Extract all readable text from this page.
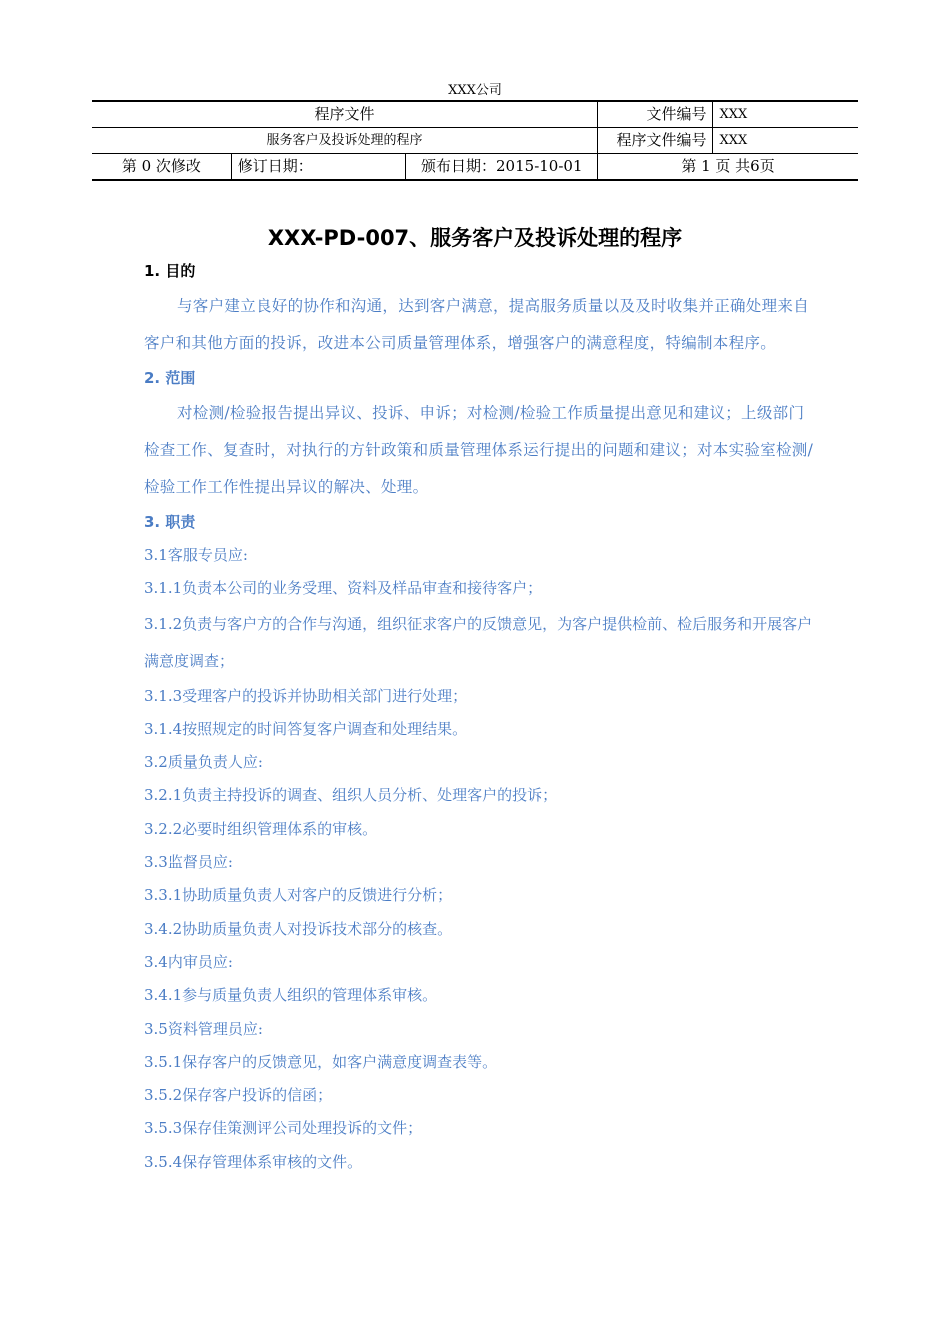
XXX公司
程序文件			文件编号	XXX
服务客户及投诉处理的程序			程序文件编号	XXX
第 0 次修改	修订日期：	颁布日期：2015-10-01	第 1 页 共6页	
XXX-PD-007、服务客户及投诉处理的程序
1. 目的
与客户建立良好的协作和沟通，达到客户满意，提高服务质量以及及时收集并正确处理来自客户和其他方面的投诉，改进本公司质量管理体系，增强客户的满意程度，特编制本程序。
2. 范围
对检测/检验报告提出异议、投诉、申诉；对检测/检验工作质量提出意见和建议；上级部门检查工作、复查时，对执行的方针政策和质量管理体系运行提出的问题和建议；对本实验室检测/检验工作工作性提出异议的解决、处理。
3. 职责
3.1客服专员应:
3.1.1负责本公司的业务受理、资料及样品审查和接待客户；
3.1.2负责与客户方的合作与沟通，组织征求客户的反馈意见，为客户提供检前、检后服务和开展客户满意度调查；
3.1.3受理客户的投诉并协助相关部门进行处理；
3.1.4按照规定的时间答复客户调查和处理结果。
3.2质量负责人应:
3.2.1负责主持投诉的调查、组织人员分析、处理客户的投诉；
3.2.2必要时组织管理体系的审核。
3.3监督员应:
3.3.1协助质量负责人对客户的反馈进行分析；
3.4.2协助质量负责人对投诉技术部分的核查。
3.4内审员应:
3.4.1参与质量负责人组织的管理体系审核。
3.5资料管理员应:
3.5.1保存客户的反馈意见，如客户满意度调查表等。
3.5.2保存客户投诉的信函；
3.5.3保存佳策测评公司处理投诉的文件；
3.5.4保存管理体系审核的文件。
